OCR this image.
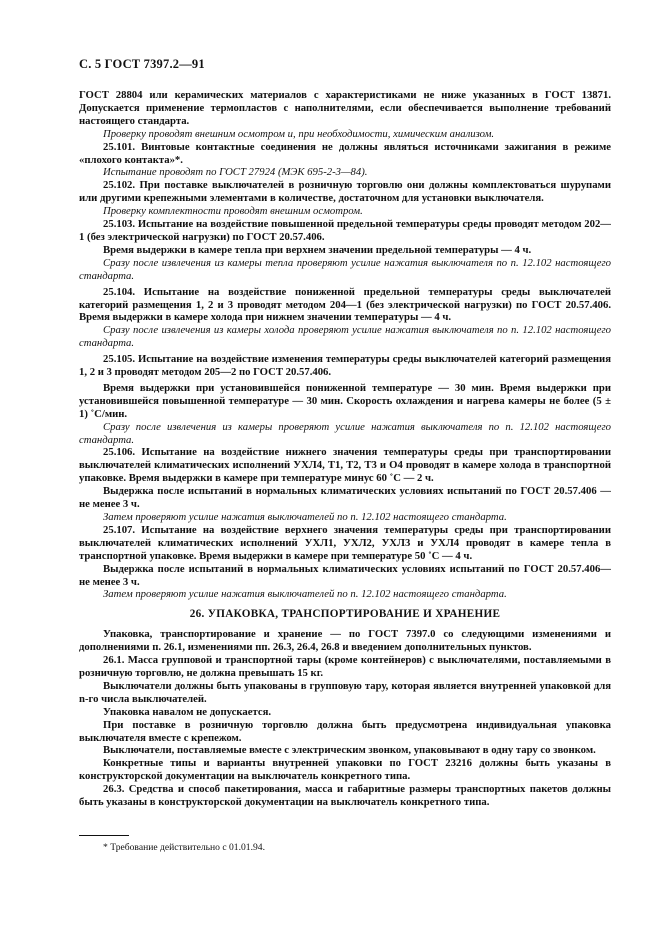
С. 5 ГОСТ 7397.2—91

ГОСТ 28804 или керамических материалов с характеристиками не ниже указанных в ГОСТ 13871. Допускается применение термопластов с наполнителями, если обеспечивается выполнение требований настоящего стандарта.

Проверку проводят внешним осмотром и, при необходимости, химическим анализом.

25.101. Винтовые контактные соединения не должны являться источниками зажигания в режиме «плохого контакта»*.

Испытание проводят по ГОСТ 27924 (МЭК 695-2-3—84).

25.102. При поставке выключателей в розничную торговлю они должны комплектоваться шурупами или другими крепежными элементами в количестве, достаточном для установки выключателя.

Проверку комплектности проводят внешним осмотром.

25.103. Испытание на воздействие повышенной предельной температуры среды проводят методом 202—1 (без электрической нагрузки) по ГОСТ 20.57.406.

Время выдержки в камере тепла при верхнем значении предельной температуры — 4 ч.

Сразу после извлечения из камеры тепла проверяют усилие нажатия выключателя по п. 12.102 настоящего стандарта.

25.104. Испытание на воздействие пониженной предельной температуры среды выключателей категорий размещения 1, 2 и 3 проводят методом 204—1 (без электрической нагрузки) по ГОСТ 20.57.406. Время выдержки в камере холода при нижнем значении температуры — 4 ч.

Сразу после извлечения из камеры холода проверяют усилие нажатия выключателя по п. 12.102 настоящего стандарта.

25.105. Испытание на воздействие изменения температуры среды выключателей категорий размещения 1, 2 и 3 проводят методом 205—2 по ГОСТ 20.57.406.

Время выдержки при установившейся пониженной температуре — 30 мин. Время выдержки при установившейся повышенной температуре — 30 мин. Скорость охлаждения и нагрева камеры не более (5 ± 1) ˚С/мин.

Сразу после извлечения из камеры проверяют усилие нажатия выключателя по п. 12.102 настоящего стандарта.

25.106. Испытание на воздействие нижнего значения температуры среды при транспортировании выключателей климатических исполнений УХЛ4, Т1, Т2, Т3 и О4 проводят в камере холода в транспортной упаковке. Время выдержки в камере при температуре минус 60 ˚С — 2 ч.

Выдержка после испытаний в нормальных климатических условиях испытаний по ГОСТ 20.57.406 — не менее 3 ч.

Затем проверяют усилие нажатия выключателей по п. 12.102 настоящего стандарта.

25.107. Испытание на воздействие верхнего значения температуры среды при транспортировании выключателей климатических исполнений УХЛ1, УХЛ2, УХЛ3 и УХЛ4 проводят в камере тепла в транспортной упаковке. Время выдержки в камере при температуре 50 ˚С — 4 ч.

Выдержка после испытаний в нормальных климатических условиях испытаний по ГОСТ 20.57.406— не менее 3 ч.

Затем проверяют усилие нажатия выключателей по п. 12.102 настоящего стандарта.

26. УПАКОВКА, ТРАНСПОРТИРОВАНИЕ И ХРАНЕНИЕ

Упаковка, транспортирование и хранение — по ГОСТ 7397.0 со следующими изменениями и дополнениями п. 26.1, изменениями пп. 26.3, 26.4, 26.8 и введением дополнительных пунктов.

26.1. Масса групповой и транспортной тары (кроме контейнеров) с выключателями, поставляемыми в розничную торговлю, не должна превышать 15 кг.

Выключатели должны быть упакованы в групповую тару, которая является внутренней упаковкой для n-го числа выключателей.

Упаковка навалом не допускается.

При поставке в розничную торговлю должна быть предусмотрена индивидуальная упаковка выключателя вместе с крепежом.

Выключатели, поставляемые вместе с электрическим звонком, упаковывают в одну тару со звонком.

Конкретные типы и варианты внутренней упаковки по ГОСТ 23216 должны быть указаны в конструкторской документации на выключатель конкретного типа.

26.3. Средства и способ пакетирования, масса и габаритные размеры транспортных пакетов должны быть указаны в конструкторской документации на выключатель конкретного типа.

* Требование действительно с 01.01.94.
